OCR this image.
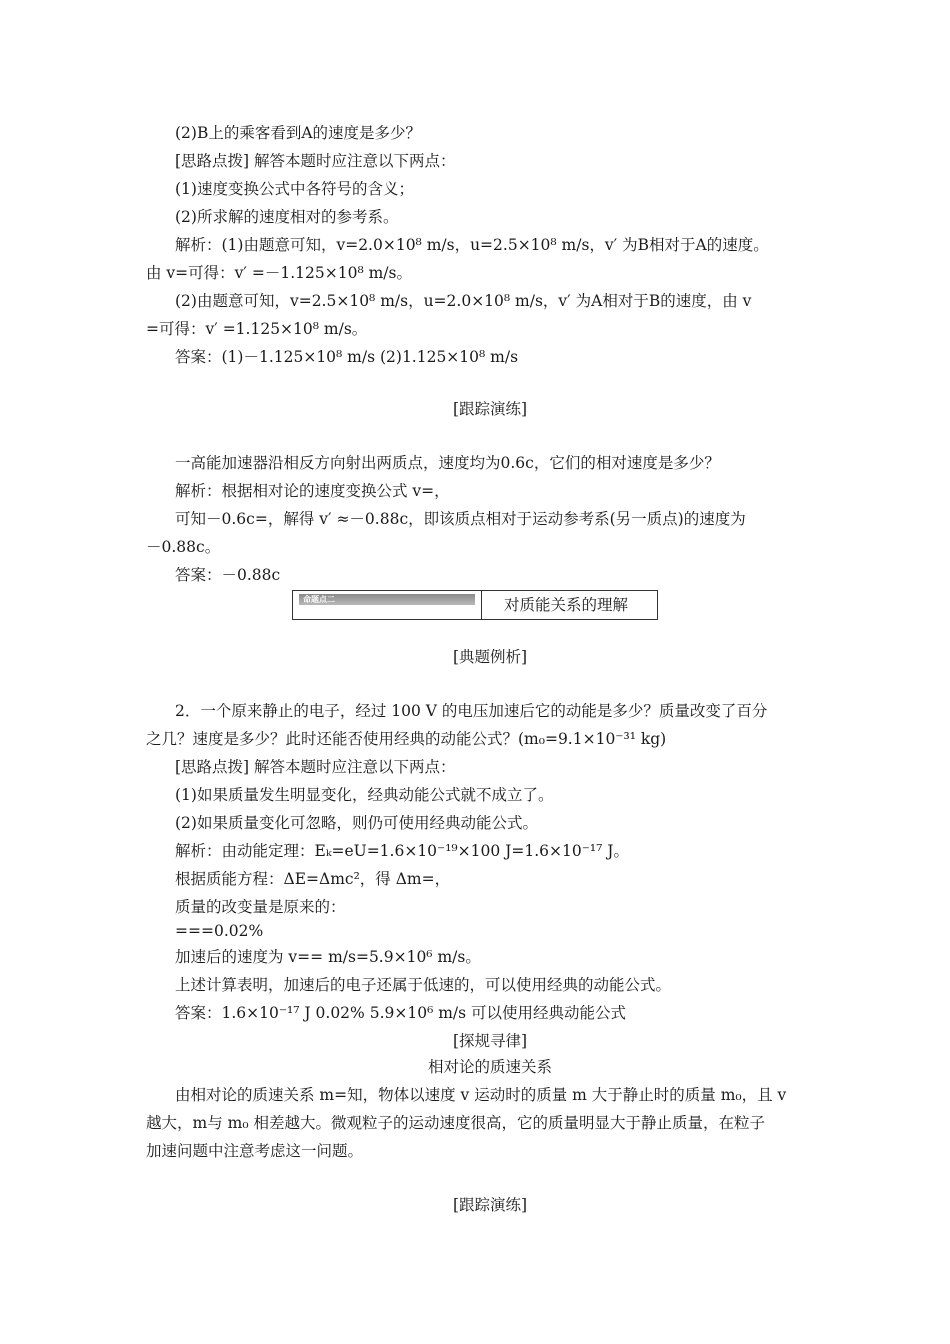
(2)B上的乘客看到A的速度是多少？
[思路点拨] 解答本题时应注意以下两点：
(1)速度变换公式中各符号的含义；
(2)所求解的速度相对的参考系。
解析：(1)由题意可知，v=2.0×10⁸ m/s，u=2.5×10⁸ m/s，v′ 为B相对于A的速度。
由 v=可得：v′ =－1.125×10⁸ m/s。
(2)由题意可知，v=2.5×10⁸ m/s，u=2.0×10⁸ m/s，v′ 为A相对于B的速度，由 v
=可得：v′ =1.125×10⁸ m/s。
答案：(1)－1.125×10⁸ m/s (2)1.125×10⁸ m/s
[跟踪演练]
一高能加速器沿相反方向射出两质点，速度均为0.6c，它们的相对速度是多少？
解析：根据相对论的速度变换公式 v=，
可知－0.6c=，解得 v′ ≈－0.88c，即该质点相对于运动参考系(另一质点)的速度为
－0.88c。
答案：－0.88c
[典题例析]
2．一个原来静止的电子，经过 100 V 的电压加速后它的动能是多少？质量改变了百分
之几？速度是多少？此时还能否使用经典的动能公式？(m₀=9.1×10⁻³¹ kg)
[思路点拨] 解答本题时应注意以下两点：
(1)如果质量发生明显变化，经典动能公式就不成立了。
(2)如果质量变化可忽略，则仍可使用经典动能公式。
解析：由动能定理：Eₖ=eU=1.6×10⁻¹⁹×100 J=1.6×10⁻¹⁷ J。
根据质能方程：ΔE=Δmc²，得 Δm=，
质量的改变量是原来的：
===0.02%
加速后的速度为 v== m/s=5.9×10⁶ m/s。
上述计算表明，加速后的电子还属于低速的，可以使用经典的动能公式。
答案：1.6×10⁻¹⁷ J 0.02% 5.9×10⁶ m/s 可以使用经典动能公式
[探规寻律]
相对论的质速关系
由相对论的质速关系 m=知，物体以速度 v 运动时的质量 m 大于静止时的质量 m₀，且 v
越大，m与 m₀ 相差越大。微观粒子的运动速度很高，它的质量明显大于静止质量，在粒子
加速问题中注意考虑这一问题。
[跟踪演练]
命题点二	对质能关系的理解
